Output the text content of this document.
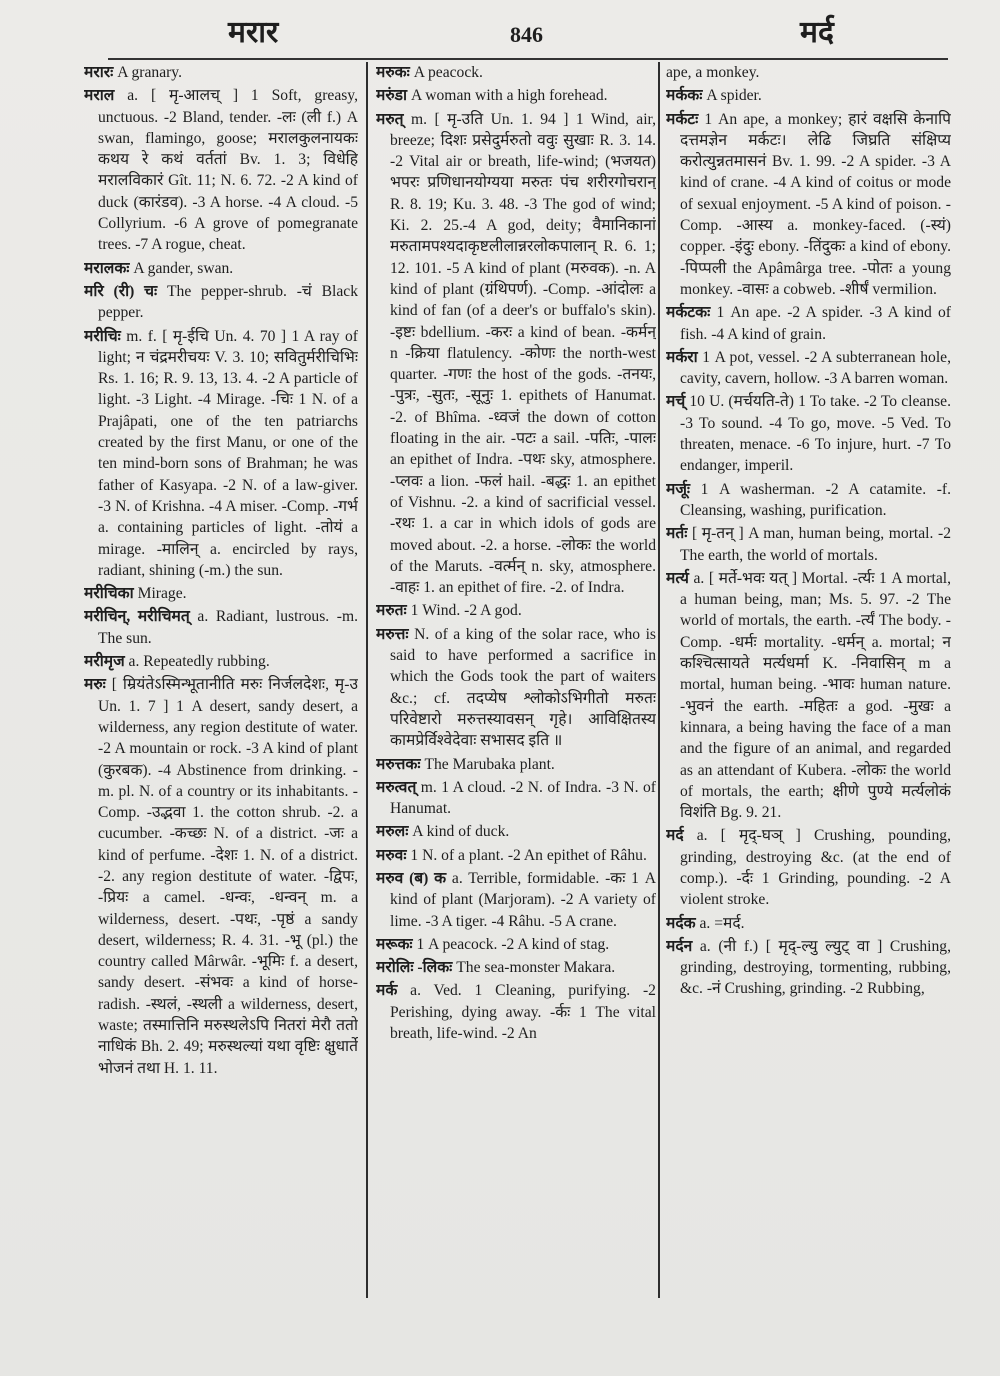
मरार	846	मर्द
मरारः A granary.
मराल a. [ मृ-आलच् ] 1 Soft, greasy, unctuous. -2 Bland, tender. -लः (ली f.) A swan, flamingo, goose; मरालकुलनायकः कथय रे कथं वर्ततां Bv. 1. 3; विधेहि मरालविकारं Gît. 11; N. 6. 72. -2 A kind of duck (कारंडव). -3 A horse. -4 A cloud. -5 Collyrium. -6 A grove of pomegranate trees. -7 A rogue, cheat.
मरालकः A gander, swan.
मरि (री) चः The pepper-shrub. -चं Black pepper.
मरीचिः m. f. [ मृ-ईचि Un. 4. 70 ] 1 A ray of light; न चंद्रमरीचयः V. 3. 10; सवितुर्मरीचिभिः Rs. 1. 16; R. 9. 13, 13. 4. -2 A particle of light. -3 Light. -4 Mirage. -चिः 1 N. of a Prajâpati, one of the ten patriarchs created by the first Manu, or one of the ten mind-born sons of Brahman; he was father of Kasyapa. -2 N. of a law-giver. -3 N. of Krishna. -4 A miser. -Comp. -गर्भ a. containing particles of light. -तोयं a mirage. -मालिन् a. encircled by rays, radiant, shining (-m.) the sun.
मरीचिका Mirage.
मरीचिन्, मरीचिमत् a. Radiant, lustrous. -m. The sun.
मरीमृज a. Repeatedly rubbing.
मरुः [ म्रियंतेऽस्मिन्भूतानीति मरुः निर्जलदेशः, मृ-उ Un. 1. 7 ] 1 A desert, sandy desert, a wilderness, any region destitute of water. -2 A mountain or rock. -3 A kind of plant (कुरबक). -4 Abstinence from drinking. -m. pl. N. of a country or its inhabitants. -Comp. -उद्भवा 1. the cotton shrub. -2. a cucumber. -कच्छः N. of a district. -जः a kind of perfume. -देशः 1. N. of a district. -2. any region destitute of water. -द्विपः, -प्रियः a camel. -धन्वः, -धन्वन् m. a wilderness, desert. -पथः, -पृष्ठं a sandy desert, wilderness; R. 4. 31. -भू (pl.) the country called Mârwâr. -भूमिः f. a desert, sandy desert. -संभवः a kind of horse-radish. -स्थलं, -स्थली a wilderness, desert, waste; तस्मात्तिनि मरुस्थलेऽपि नितरां मेरौ ततो नाधिकं Bh. 2. 49; मरुस्थल्यां यथा वृष्टिः क्षुधार्ते भोजनं तथा H. 1. 11.
मरुकः A peacock.
मरुंडा A woman with a high forehead.
मरुत् m. [ मृ-उति Un. 1. 94 ] 1 Wind, air, breeze; दिशः प्रसेदुर्मरुतो ववुः सुखाः R. 3. 14. -2 Vital air or breath, life-wind; (भजयत) भपरः प्रणिधानयोग्यया मरुतः पंच शरीरगोचरान् R. 8. 19; Ku. 3. 48. -3 The god of wind; Ki. 2. 25.-4 A god, deity; वैमानिकानां मरुतामपश्यदाकृष्टलीलान्नरलोकपालान् R. 6. 1; 12. 101. -5 A kind of plant (मरुवक). -n. A kind of plant (ग्रंथिपर्ण). -Comp. -आंदोलः a kind of fan (of a deer's or buffalo's skin). -इष्टः bdellium. -करः a kind of bean. -कर्मन् n -क्रिया flatulency. -कोणः the north-west quarter. -गणः the host of the gods. -तनयः, -पुत्रः, -सुतः, -सूनुः 1. epithets of Hanumat. -2. of Bhîma. -ध्वजं the down of cotton floating in the air. -पटः a sail. -पतिः, -पालः an epithet of Indra. -पथः sky, atmosphere. -प्लवः a lion. -फलं hail. -बद्धः 1. an epithet of Vishnu. -2. a kind of sacrificial vessel. -रथः 1. a car in which idols of gods are moved about. -2. a horse. -लोकः the world of the Maruts. -वर्त्मन् n. sky, atmosphere. -वाहः 1. an epithet of fire. -2. of Indra.
मरुतः 1 Wind. -2 A god.
मरुत्तः N. of a king of the solar race, who is said to have performed a sacrifice in which the Gods took the part of waiters &c.; cf. तदप्येष श्लोकोऽभिगीतो मरुतः परिवेष्टारो मरुत्तस्यावसन् गृहे। आविक्षितस्य कामप्रेर्विश्वेदेवाः सभासद इति ॥
मरुत्तकः The Marubaka plant.
मरुत्वत् m. 1 A cloud. -2 N. of Indra. -3 N. of Hanumat.
मरुलः A kind of duck.
मरुवः 1 N. of a plant. -2 An epithet of Râhu.
मरुव (ब) क a. Terrible, formidable. -कः 1 A kind of plant (Marjoram). -2 A variety of lime. -3 A tiger. -4 Râhu. -5 A crane.
मरूकः 1 A peacock. -2 A kind of stag.
मरोलिः -लिकः The sea-monster Makara.
मर्क a. Ved. 1 Cleaning, purifying. -2 Perishing, dying away. -र्कः 1 The vital breath, life-wind. -2 An
ape, a monkey.
मर्ककः A spider.
मर्कटः 1 An ape, a monkey; हारं वक्षसि केनापि दत्तमज्ञेन मर्कटः। लेढि जिघ्रति संक्षिप्य करोत्युन्नतमासनं Bv. 1. 99. -2 A spider. -3 A kind of crane. -4 A kind of coitus or mode of sexual enjoyment. -5 A kind of poison. -Comp. -आस्य a. monkey-faced. (-स्यं) copper. -इंदुः ebony. -तिंदुकः a kind of ebony. -पिप्पली the Apâmârga tree. -पोतः a young monkey. -वासः a cobweb. -शीर्षं vermilion.
मर्कटकः 1 An ape. -2 A spider. -3 A kind of fish. -4 A kind of grain.
मर्करा 1 A pot, vessel. -2 A subterranean hole, cavity, cavern, hollow. -3 A barren woman.
मर्च् 10 U. (मर्चयति-ते) 1 To take. -2 To cleanse. -3 To sound. -4 To go, move. -5 Ved. To threaten, menace. -6 To injure, hurt. -7 To endanger, imperil.
मर्जूः 1 A washerman. -2 A catamite. -f. Cleansing, washing, purification.
मर्तः [ मृ-तन् ] A man, human being, mortal. -2 The earth, the world of mortals.
मर्त्य a. [ मर्ते-भवः यत् ] Mortal. -र्त्यः 1 A mortal, a human being, man; Ms. 5. 97. -2 The world of mortals, the earth. -र्त्यं The body. -Comp. -धर्मः mortality. -धर्मन् a. mortal; न कश्चित्सायते मर्त्यधर्मा K. -निवासिन् m a mortal, human being. -भावः human nature. -भुवनं the earth. -महितः a god. -मुखः a kinnara, a being having the face of a man and the figure of an animal, and regarded as an attendant of Kubera. -लोकः the world of mortals, the earth; क्षीणे पुण्ये मर्त्यलोकं विशंति Bg. 9. 21.
मर्द a. [ मृद्-घञ् ] Crushing, pounding, grinding, destroying &c. (at the end of comp.). -र्दः 1 Grinding, pounding. -2 A violent stroke.
मर्दक a. =मर्द.
मर्दन a. (नी f.) [ मृद्-ल्यु ल्युट् वा ] Crushing, grinding, destroying, tormenting, rubbing, &c. -नं Crushing, grinding. -2 Rubbing,
